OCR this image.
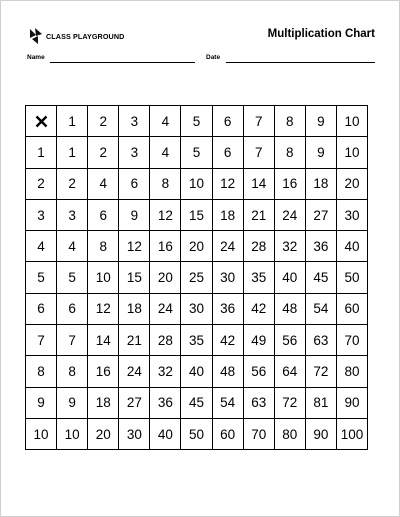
CLASS PLAYGROUND	Multiplication Chart
Name	Date
	1	2	3	4	5	6	7	8	9	10
1	1	2	3	4	5	6	7	8	9	10
2	2	4	6	8	10	12	14	16	18	20
3	3	6	9	12	15	18	21	24	27	30
4	4	8	12	16	20	24	28	32	36	40
5	5	10	15	20	25	30	35	40	45	50
6	6	12	18	24	30	36	42	48	54	60
7	7	14	21	28	35	42	49	56	63	70
8	8	16	24	32	40	48	56	64	72	80
9	9	18	27	36	45	54	63	72	81	90
10	10	20	30	40	50	60	70	80	90	100
